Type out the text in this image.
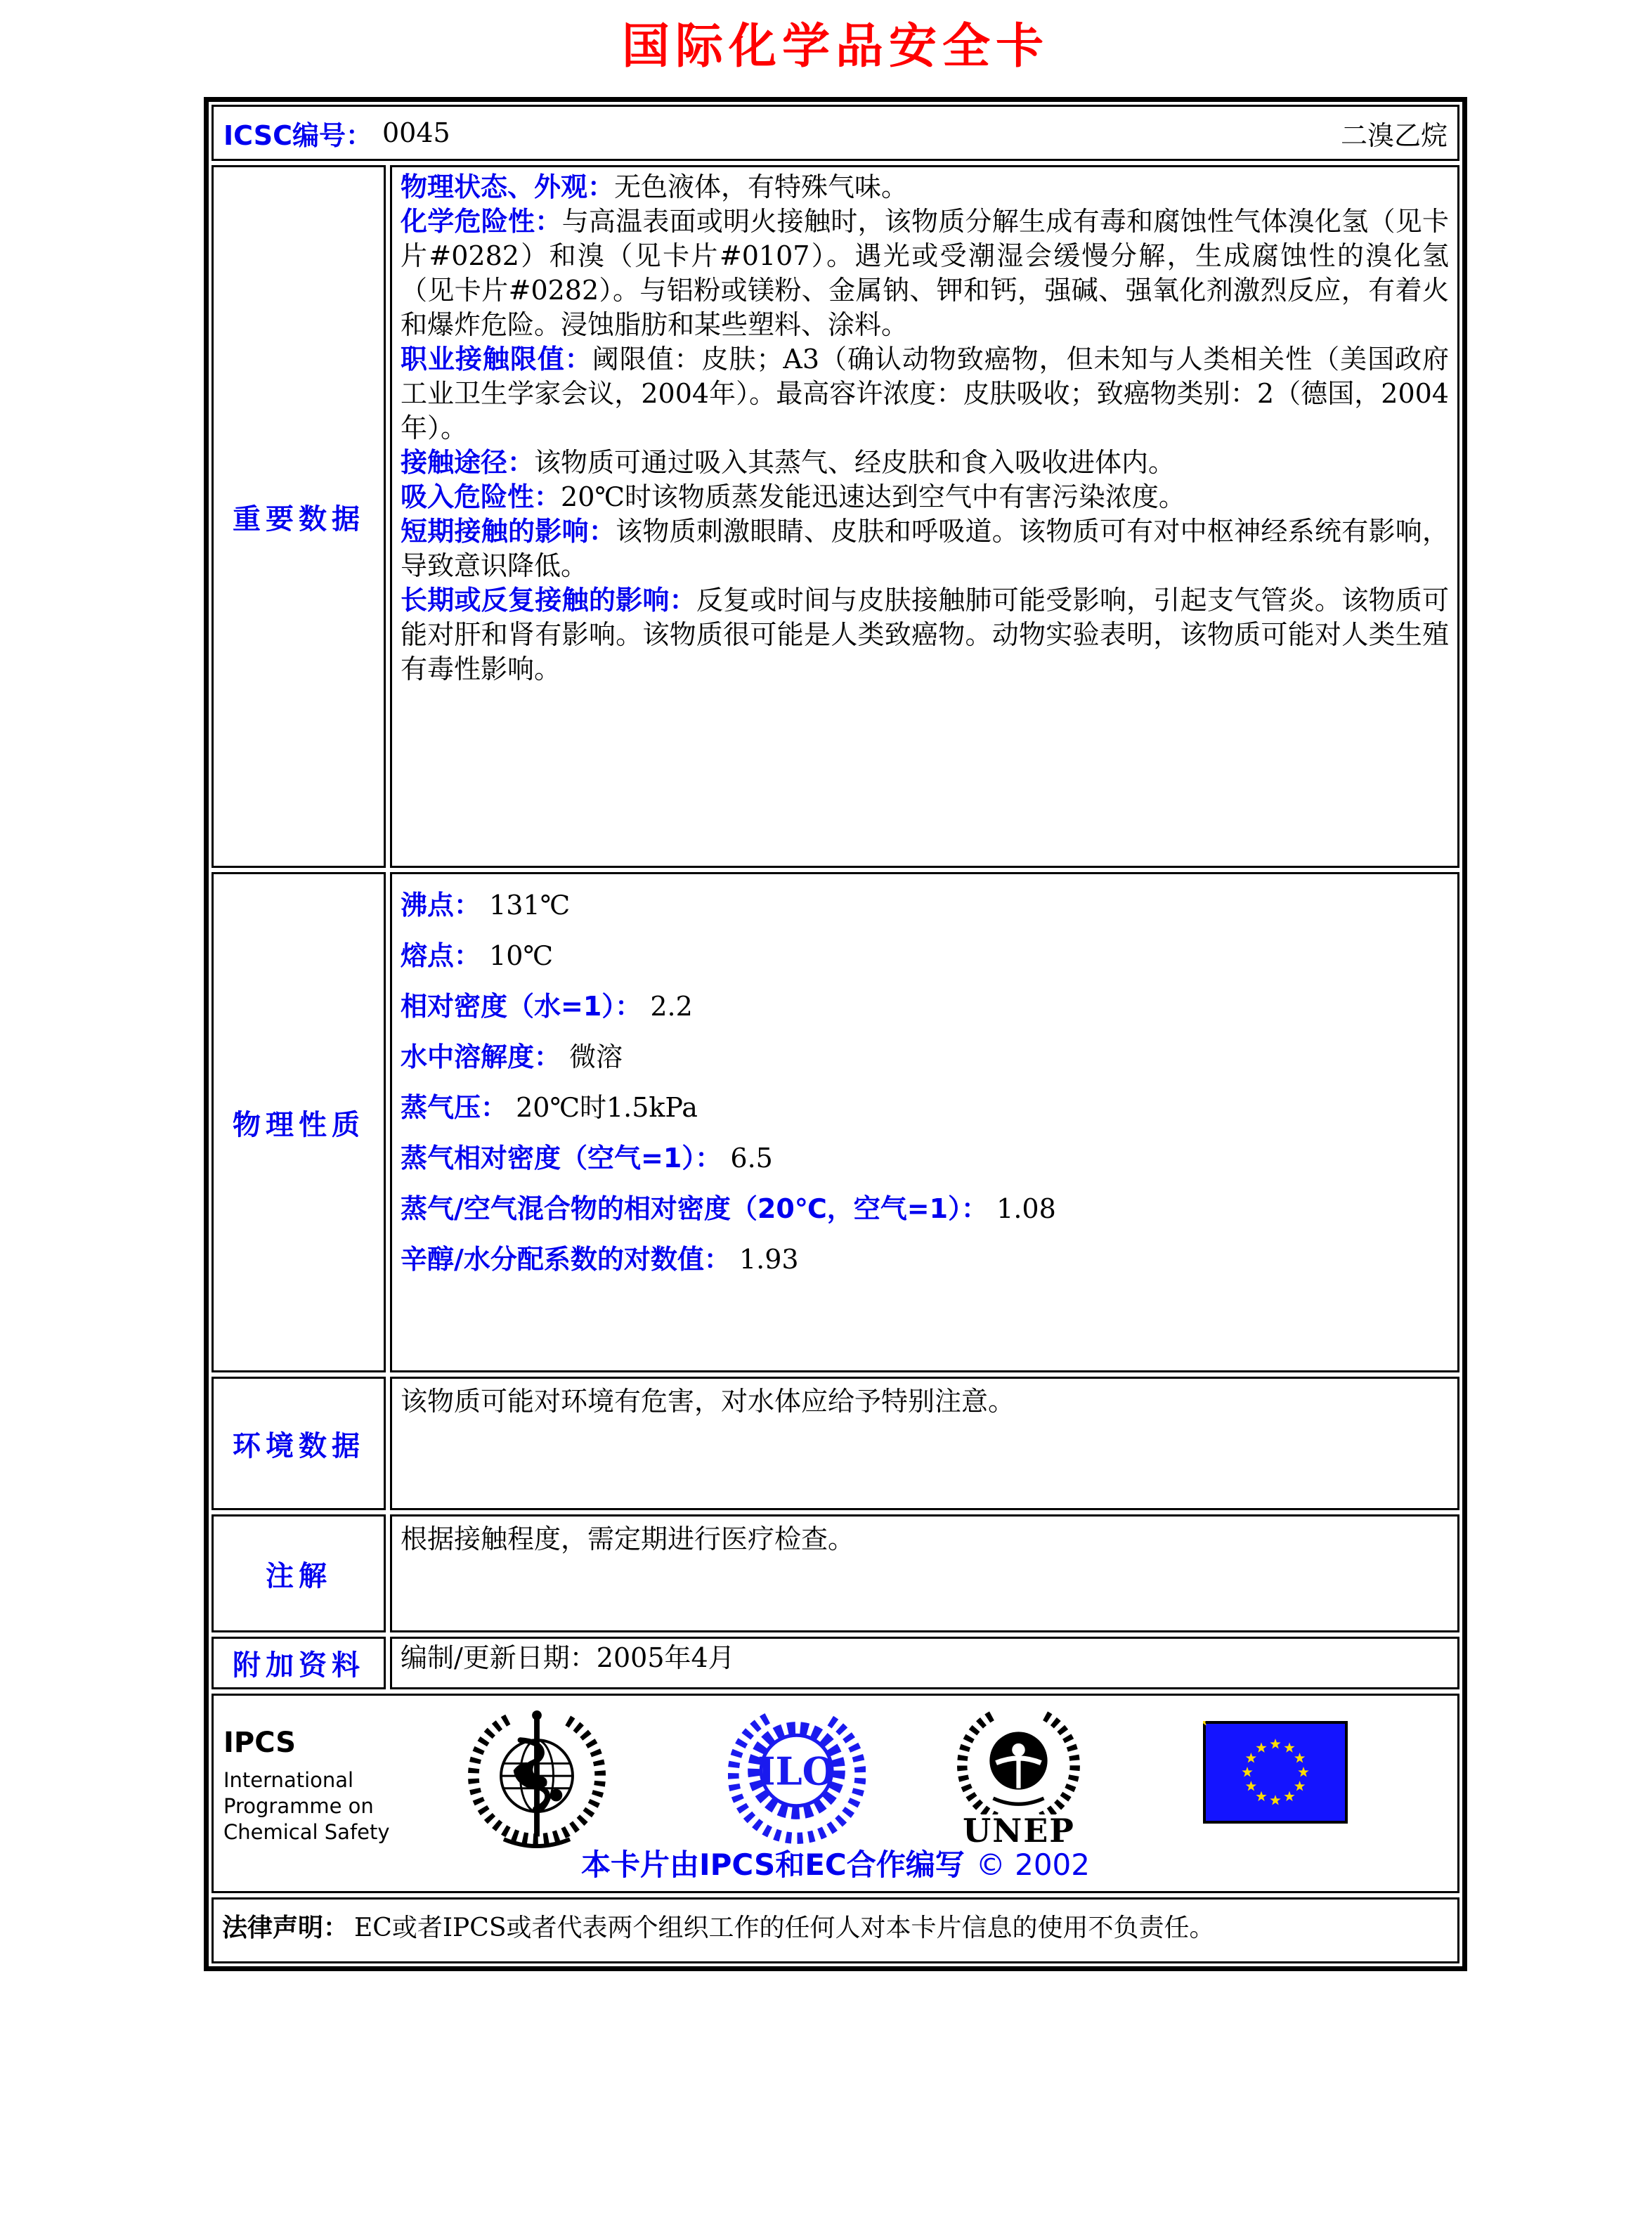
国际化学品安全卡
ICSC编号： 0045	二溴乙烷
重要数据

物理状态、外观：无色液体，有特殊气味。

化学危险性：与高温表面或明火接触时，该物质分解生成有毒和腐蚀性气体溴化氢（见卡片#0282）和溴（见卡片#0107）。遇光或受潮湿会缓慢分解，生成腐蚀性的溴化氢（见卡片#0282）。与铝粉或镁粉、金属钠、钾和钙，强碱、强氧化剂激烈反应，有着火和爆炸危险。浸蚀脂肪和某些塑料、涂料。

职业接触限值：阈限值：皮肤；A3（确认动物致癌物，但未知与人类相关性（美国政府工业卫生学家会议，2004年）。最高容许浓度：皮肤吸收；致癌物类别：2（德国，2004年）。

接触途径：该物质可通过吸入其蒸气、经皮肤和食入吸收进体内。

吸入危险性：20℃时该物质蒸发能迅速达到空气中有害污染浓度。

短期接触的影响：该物质刺激眼睛、皮肤和呼吸道。该物质可有对中枢神经系统有影响，导致意识降低。

长期或反复接触的影响：反复或时间与皮肤接触肺可能受影响，引起支气管炎。该物质可能对肝和肾有影响。该物质很可能是人类致癌物。动物实验表明，该物质可能对人类生殖有毒性影响。

物理性质

沸点： 131℃

熔点： 10℃

相对密度（水=1）： 2.2

水中溶解度： 微溶

蒸气压： 20℃时1.5kPa

蒸气相对密度（空气=1）： 6.5

蒸气/空气混合物的相对密度（20℃，空气=1）： 1.08

辛醇/水分配系数的对数值： 1.93

环境数据
该物质可能对环境有危害，对水体应给予特别注意。
注解
根据接触程度，需定期进行医疗检查。
附加资料	编制/更新日期：2005年4月
IPCS
International
Programme on
Chemical Safety
ILO
UNEP
本卡片由IPCS和EC合作编写 © 2002
法律声明： EC或者IPCS或者代表两个组织工作的任何人对本卡片信息的使用不负责任。
